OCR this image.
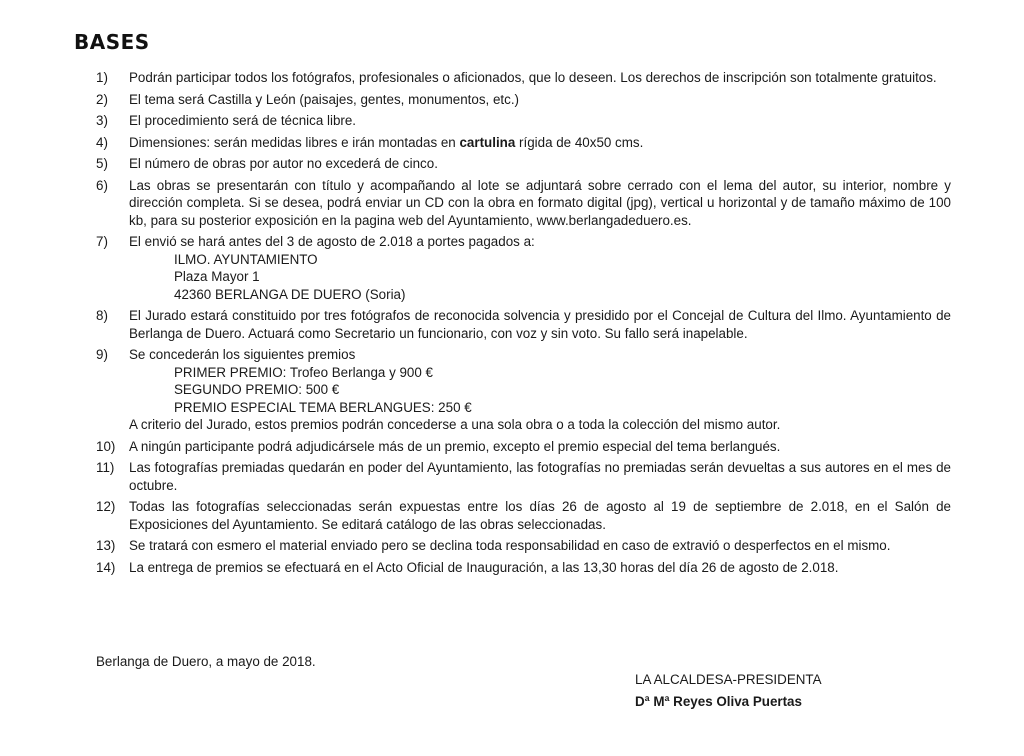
BASES
1)	Podrán participar todos los fotógrafos, profesionales o aficionados, que lo deseen. Los derechos de inscripción son totalmente gratuitos.
2)	El tema será Castilla y León (paisajes, gentes, monumentos, etc.)
3)	El procedimiento será de técnica libre.
4)	Dimensiones: serán medidas libres e irán montadas en cartulina rígida de 40x50 cms.
5)	El número de obras por autor no excederá de cinco.
6)	Las obras se presentarán con título y acompañando al lote se adjuntará sobre cerrado con el lema del autor, su interior, nombre y dirección completa. Si se desea, podrá enviar un CD con la obra en formato digital (jpg), vertical u horizontal y de tamaño máximo de 100 kb, para su posterior exposición en la pagina web del Ayuntamiento, www.berlangadeduero.es.
7)	El envió se hará antes del 3 de agosto de 2.018 a portes pagados a:
ILMO. AYUNTAMIENTO
Plaza Mayor 1
42360 BERLANGA DE DUERO (Soria)
8)	El Jurado estará constituido por tres fotógrafos de reconocida solvencia y presidido por el Concejal de Cultura del Ilmo. Ayuntamiento de Berlanga de Duero. Actuará como Secretario un funcionario, con voz y sin voto. Su fallo será inapelable.
9)	Se concederán los siguientes premios
PRIMER PREMIO: Trofeo Berlanga y 900 €
SEGUNDO PREMIO: 500 €
PREMIO ESPECIAL TEMA BERLANGUES: 250 €
A criterio del Jurado, estos premios podrán concederse a una sola obra o a toda la colección del mismo autor.
10)	A ningún participante podrá adjudicársele más de un premio, excepto el premio especial del tema berlangués.
11)	Las fotografías premiadas quedarán en poder del Ayuntamiento, las fotografías no premiadas serán devueltas a sus autores en el mes de octubre.
12)	Todas las fotografías seleccionadas serán expuestas entre los días 26 de agosto al 19 de septiembre de 2.018, en el Salón de Exposiciones del Ayuntamiento. Se editará catálogo de las obras seleccionadas.
13)	Se tratará con esmero el material enviado pero se declina toda responsabilidad en caso de extravió o desperfectos en el mismo.
14)	La entrega de premios se efectuará en el Acto Oficial de Inauguración, a las 13,30 horas del día 26 de agosto de 2.018.
Berlanga de Duero, a mayo de 2018.
LA ALCALDESA-PRESIDENTA
Dª Mª Reyes Oliva Puertas
